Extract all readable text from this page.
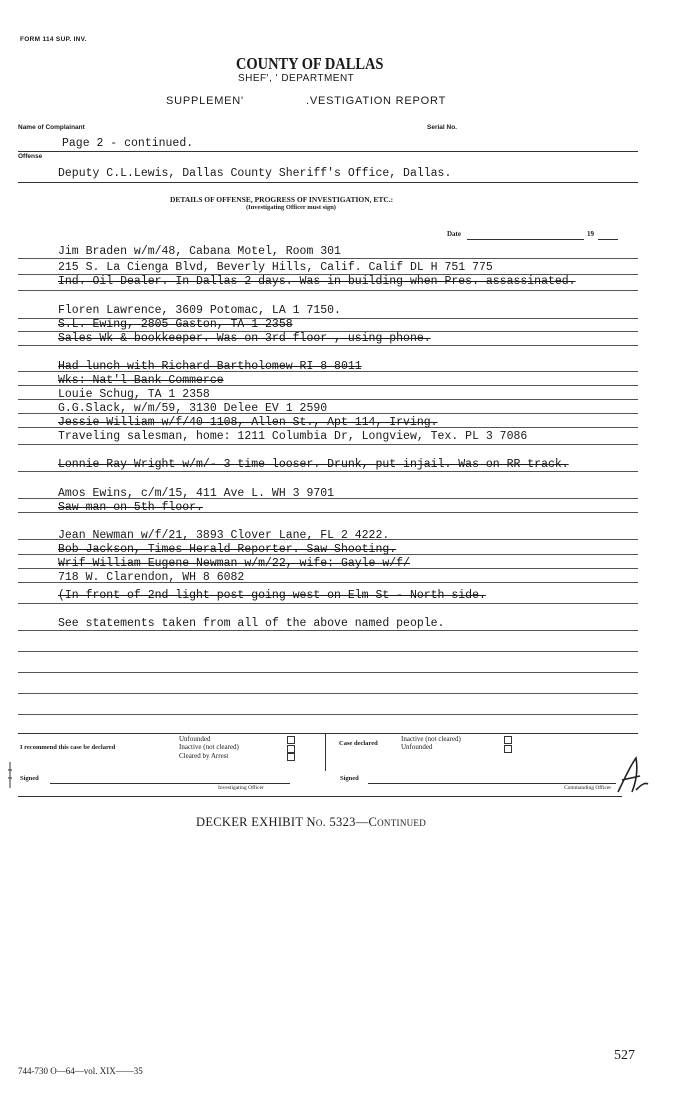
FORM 114 SUP. INV.
COUNTY OF DALLAS
SHEF', ' DEPARTMENT
SUPPLEMEN'	.VESTIGATION REPORT
Name of Complainant	Serial No.
Page 2 - continued.
Offense
Deputy C.L.Lewis, Dallas County Sheriff's Office, Dallas.
DETAILS OF OFFENSE, PROGRESS OF INVESTIGATION, ETC.:
(Investigating Officer must sign)
Date	19
Jim Braden w/m/48, Cabana Motel, Room 301
215 S. La Cienga Blvd, Beverly Hills, Calif. Calif DL H 751 775
Ind. Oil Dealer. In Dallas 2 days. Was in building when Pres. assassinated.
Floren Lawrence, 3609 Potomac, LA 1 7150.
S.L. Ewing, 2805 Gaston, TA 1 2358
Sales Wk & bookkeeper. Was on 3rd floor , using phone.
Had lunch with Richard Bartholomew RI 8 8011
Wks: Nat'l Bank Commerce
Louie Schug, TA 1 2358
G.G.Slack, w/m/59, 3130 Delee EV 1 2590
Jessie William w/f/40 1108, Allen St., Apt 114, Irving.
Traveling salesman, home: 1211 Columbia Dr, Longview, Tex. PL 3 7086
Lonnie Ray Wright w/m/- 3 time looser. Drunk, put injail. Was on RR track.
Amos Ewins, c/m/15, 411 Ave L. WH 3 9701
Saw man on 5th floor.
Jean Newman w/f/21, 3893 Clover Lane, FL 2 4222.
Bob Jackson, Times Herald Reporter. Saw Shooting.
Wrif William Eugene Newman w/m/22, wife: Gayle w/f/
718 W. Clarendon, WH 8 6082
(In front of 2nd light post going west on Elm St - North side.
See statements taken from all of the above named people.
I recommend this case be declared
Unfounded
Inactive (not cleared)
Cleared by Arrest
Case declared
Inactive (not cleared)
Unfounded
Signed
Investigating Officer
Signed
Commanding Officer
DECKER EXHIBIT No. 5323—Continued
527
744-730 O—64—vol. XIX——35
